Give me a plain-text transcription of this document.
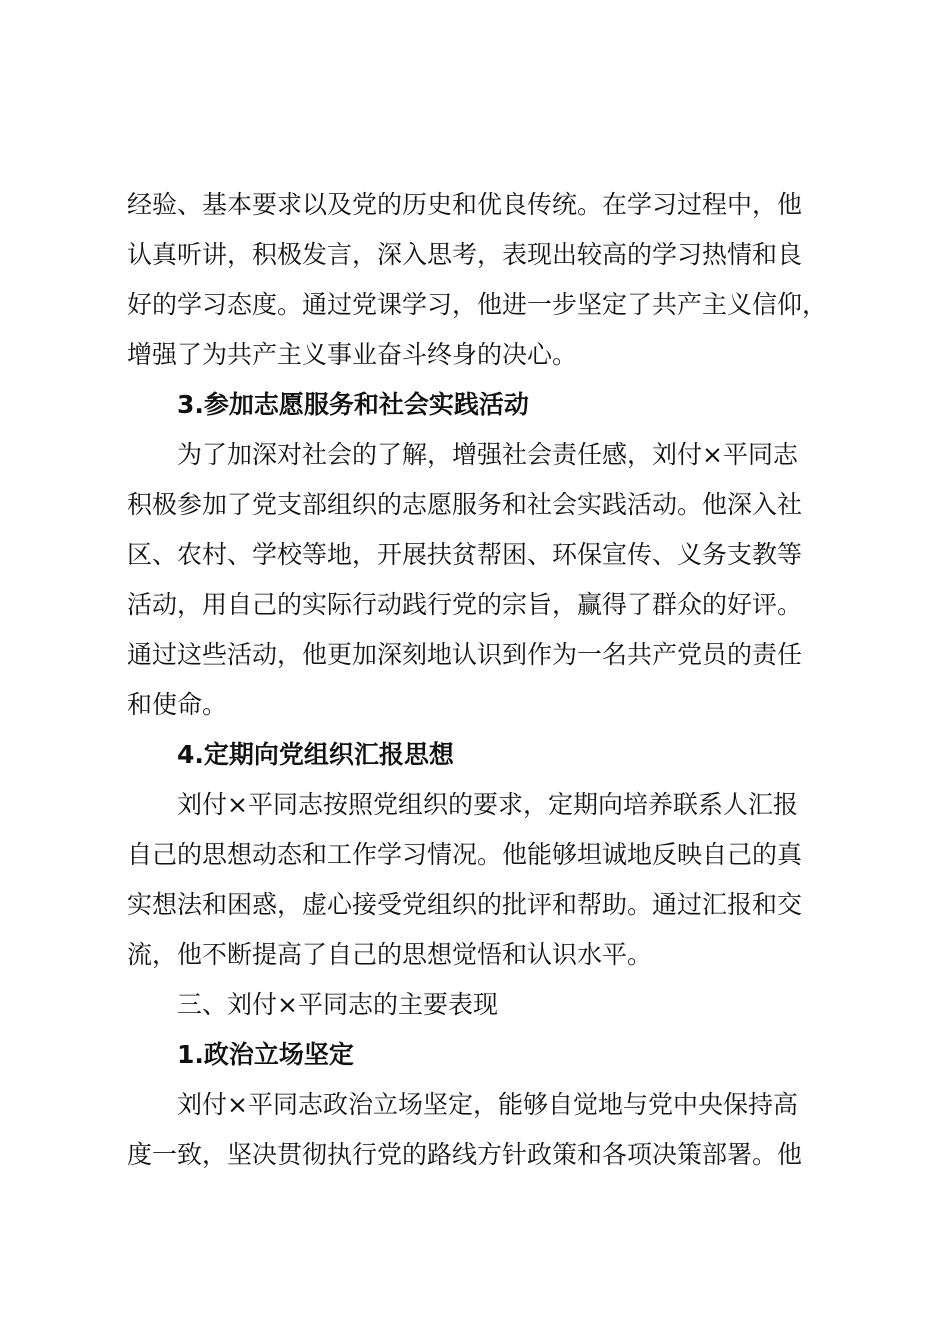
经验、基本要求以及党的历史和优良传统。在学习过程中，他
认真听讲，积极发言，深入思考，表现出较高的学习热情和良
好的学习态度。通过党课学习，他进一步坚定了共产主义信仰，
增强了为共产主义事业奋斗终身的决心。
3.参加志愿服务和社会实践活动
为了加深对社会的了解，增强社会责任感，刘付×平同志
积极参加了党支部组织的志愿服务和社会实践活动。他深入社
区、农村、学校等地，开展扶贫帮困、环保宣传、义务支教等
活动，用自己的实际行动践行党的宗旨，赢得了群众的好评。
通过这些活动，他更加深刻地认识到作为一名共产党员的责任
和使命。
4.定期向党组织汇报思想
刘付×平同志按照党组织的要求，定期向培养联系人汇报
自己的思想动态和工作学习情况。他能够坦诚地反映自己的真
实想法和困惑，虚心接受党组织的批评和帮助。通过汇报和交
流，他不断提高了自己的思想觉悟和认识水平。
三、刘付×平同志的主要表现
1.政治立场坚定
刘付×平同志政治立场坚定，能够自觉地与党中央保持高
度一致，坚决贯彻执行党的路线方针政策和各项决策部署。他
